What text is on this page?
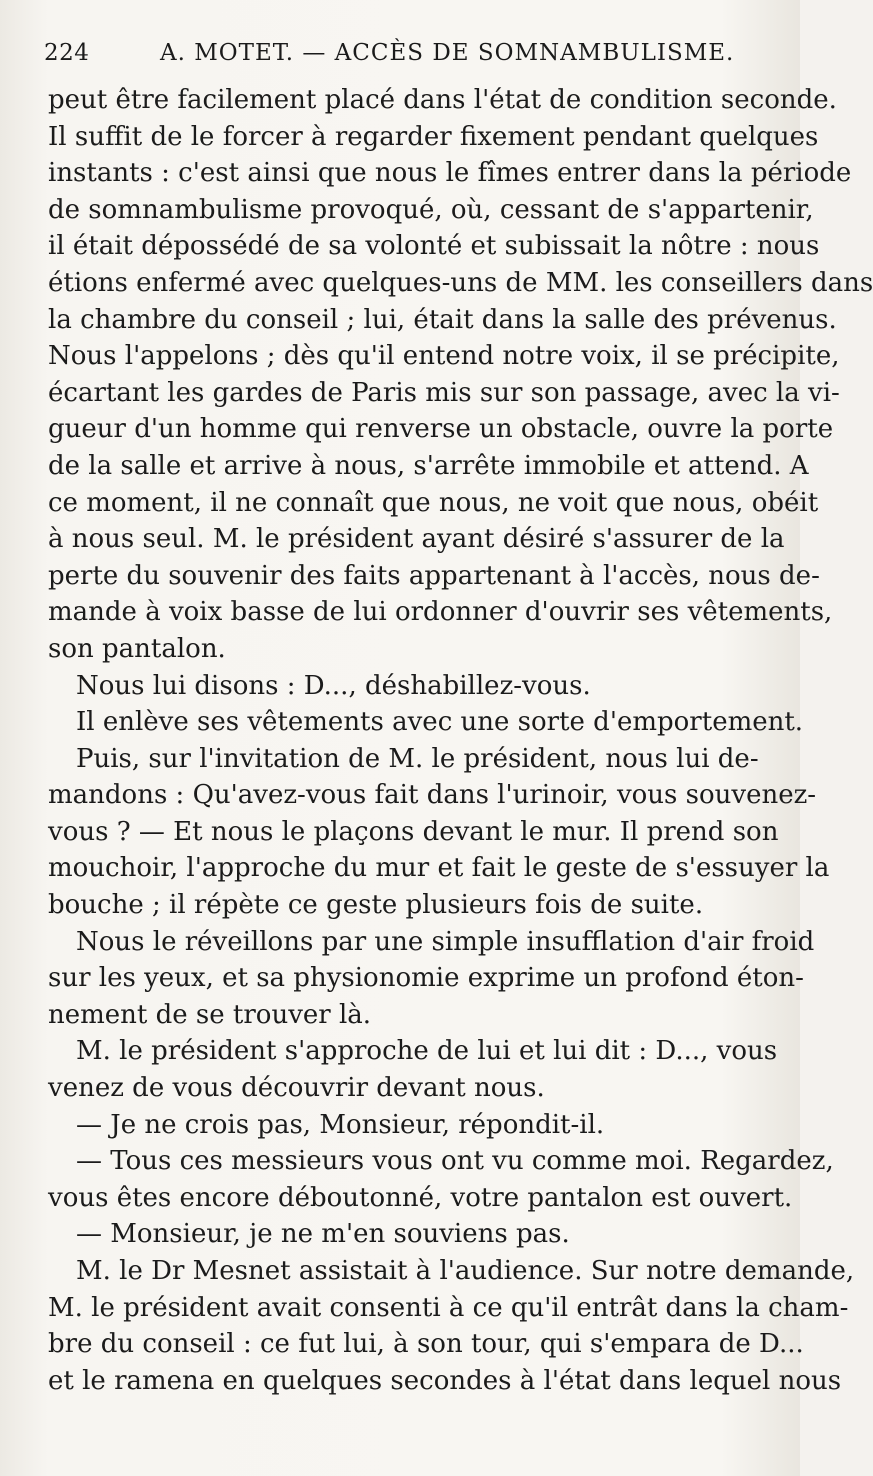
224	A. MOTET. — ACCÈS DE SOMNAMBULISME.
peut être facilement placé dans l'état de condition seconde.
Il suffit de le forcer à regarder fixement pendant quelques
instants : c'est ainsi que nous le fîmes entrer dans la période
de somnambulisme provoqué, où, cessant de s'appartenir,
il était dépossédé de sa volonté et subissait la nôtre : nous
étions enfermé avec quelques-uns de MM. les conseillers dans
la chambre du conseil ; lui, était dans la salle des prévenus.
Nous l'appelons ; dès qu'il entend notre voix, il se précipite,
écartant les gardes de Paris mis sur son passage, avec la vi-
gueur d'un homme qui renverse un obstacle, ouvre la porte
de la salle et arrive à nous, s'arrête immobile et attend. A
ce moment, il ne connaît que nous, ne voit que nous, obéit
à nous seul. M. le président ayant désiré s'assurer de la
perte du souvenir des faits appartenant à l'accès, nous de-
mande à voix basse de lui ordonner d'ouvrir ses vêtements,
son pantalon.
Nous lui disons : D..., déshabillez-vous.
Il enlève ses vêtements avec une sorte d'emportement.
Puis, sur l'invitation de M. le président, nous lui de-
mandons : Qu'avez-vous fait dans l'urinoir, vous souvenez-
vous ? — Et nous le plaçons devant le mur. Il prend son
mouchoir, l'approche du mur et fait le geste de s'essuyer la
bouche ; il répète ce geste plusieurs fois de suite.
Nous le réveillons par une simple insufflation d'air froid
sur les yeux, et sa physionomie exprime un profond éton-
nement de se trouver là.
M. le président s'approche de lui et lui dit : D..., vous
venez de vous découvrir devant nous.
— Je ne crois pas, Monsieur, répondit-il.
— Tous ces messieurs vous ont vu comme moi. Regardez,
vous êtes encore déboutonné, votre pantalon est ouvert.
— Monsieur, je ne m'en souviens pas.
M. le Dr Mesnet assistait à l'audience. Sur notre demande,
M. le président avait consenti à ce qu'il entrât dans la cham-
bre du conseil : ce fut lui, à son tour, qui s'empara de D...
et le ramena en quelques secondes à l'état dans lequel nous
